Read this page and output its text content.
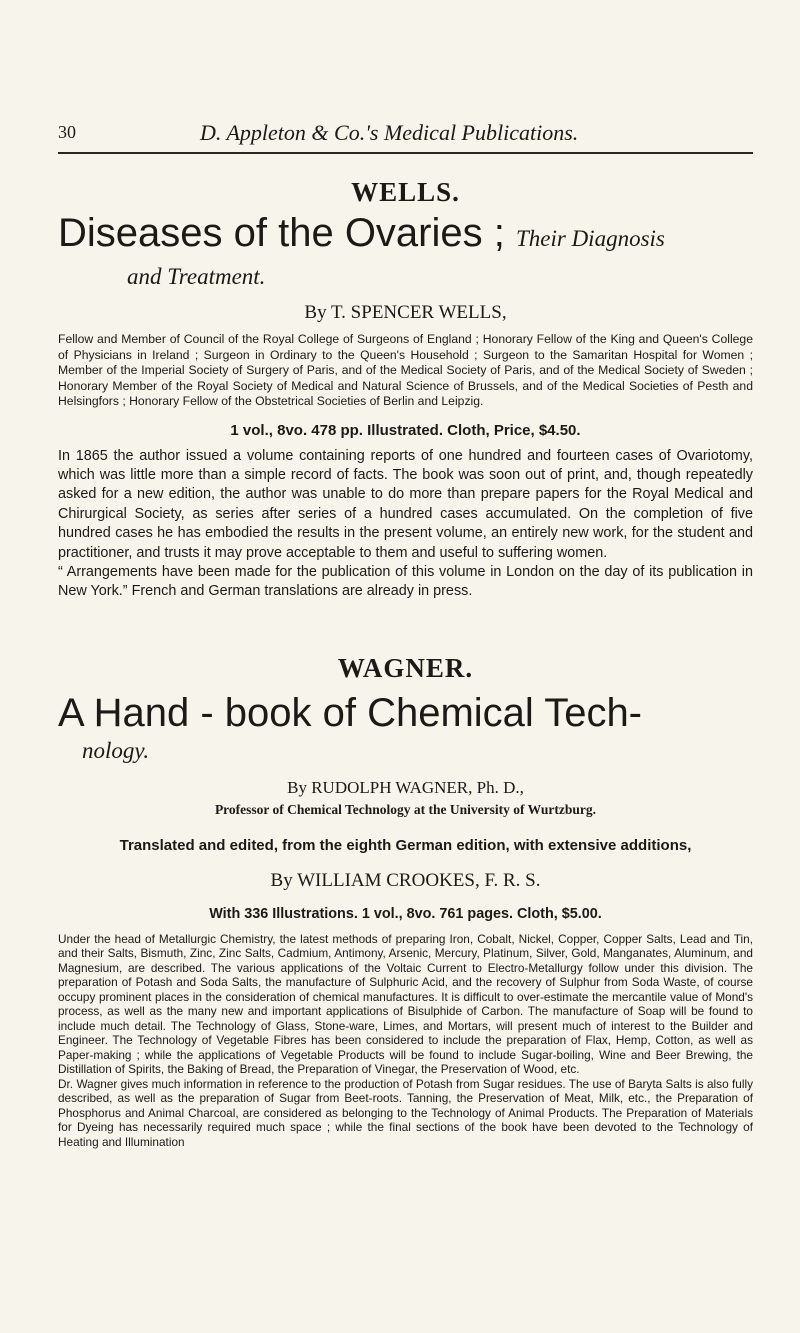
30	D. Appleton & Co.'s Medical Publications.
WELLS.
Diseases of the Ovaries ; Their Diagnosis
and Treatment.
By T. SPENCER WELLS,
Fellow and Member of Council of the Royal College of Surgeons of England ; Honorary Fellow of the King and Queen's College of Physicians in Ireland ; Surgeon in Ordinary to the Queen's Household ; Surgeon to the Samaritan Hospital for Women ; Member of the Imperial Society of Surgery of Paris, and of the Medical Society of Paris, and of the Medical Society of Sweden ; Honorary Member of the Royal Society of Medical and Natural Science of Brussels, and of the Medical Societies of Pesth and Helsingfors ; Honorary Fellow of the Obstetrical Societies of Berlin and Leipzig.
1 vol., 8vo. 478 pp. Illustrated. Cloth, Price, $4.50.

In 1865 the author issued a volume containing reports of one hundred and fourteen cases of Ovariotomy, which was little more than a simple record of facts. The book was soon out of print, and, though repeatedly asked for a new edition, the author was unable to do more than prepare papers for the Royal Medical and Chirurgical Society, as series after series of a hundred cases accumulated. On the completion of five hundred cases he has embodied the results in the present volume, an entirely new work, for the student and practitioner, and trusts it may prove acceptable to them and useful to suffering women.

“ Arrangements have been made for the publication of this volume in London on the day of its publication in New York.” French and German translations are already in press.

WAGNER.
A Hand - book of Chemical Tech-
nology.
By RUDOLPH WAGNER, Ph. D.,
Professor of Chemical Technology at the University of Wurtzburg.
Translated and edited, from the eighth German edition, with extensive additions,
By WILLIAM CROOKES, F. R. S.
With 336 Illustrations. 1 vol., 8vo. 761 pages. Cloth, $5.00.

Under the head of Metallurgic Chemistry, the latest methods of preparing Iron, Cobalt, Nickel, Copper, Copper Salts, Lead and Tin, and their Salts, Bismuth, Zinc, Zinc Salts, Cadmium, Antimony, Arsenic, Mercury, Platinum, Silver, Gold, Manganates, Aluminum, and Magnesium, are described. The various applications of the Voltaic Current to Electro-Metallurgy follow under this division. The preparation of Potash and Soda Salts, the manufacture of Sulphuric Acid, and the recovery of Sulphur from Soda Waste, of course occupy prominent places in the consideration of chemical manufactures. It is difficult to over-estimate the mercantile value of Mond's process, as well as the many new and important applications of Bisulphide of Carbon. The manufacture of Soap will be found to include much detail. The Technology of Glass, Stone-ware, Limes, and Mortars, will present much of interest to the Builder and Engineer. The Technology of Vegetable Fibres has been considered to include the preparation of Flax, Hemp, Cotton, as well as Paper-making ; while the applications of Vegetable Products will be found to include Sugar-boiling, Wine and Beer Brewing, the Distillation of Spirits, the Baking of Bread, the Preparation of Vinegar, the Preservation of Wood, etc.

Dr. Wagner gives much information in reference to the production of Potash from Sugar residues. The use of Baryta Salts is also fully described, as well as the preparation of Sugar from Beet-roots. Tanning, the Preservation of Meat, Milk, etc., the Preparation of Phosphorus and Animal Charcoal, are considered as belonging to the Technology of Animal Products. The Preparation of Materials for Dyeing has necessarily required much space ; while the final sections of the book have been devoted to the Technology of Heating and Illumination
